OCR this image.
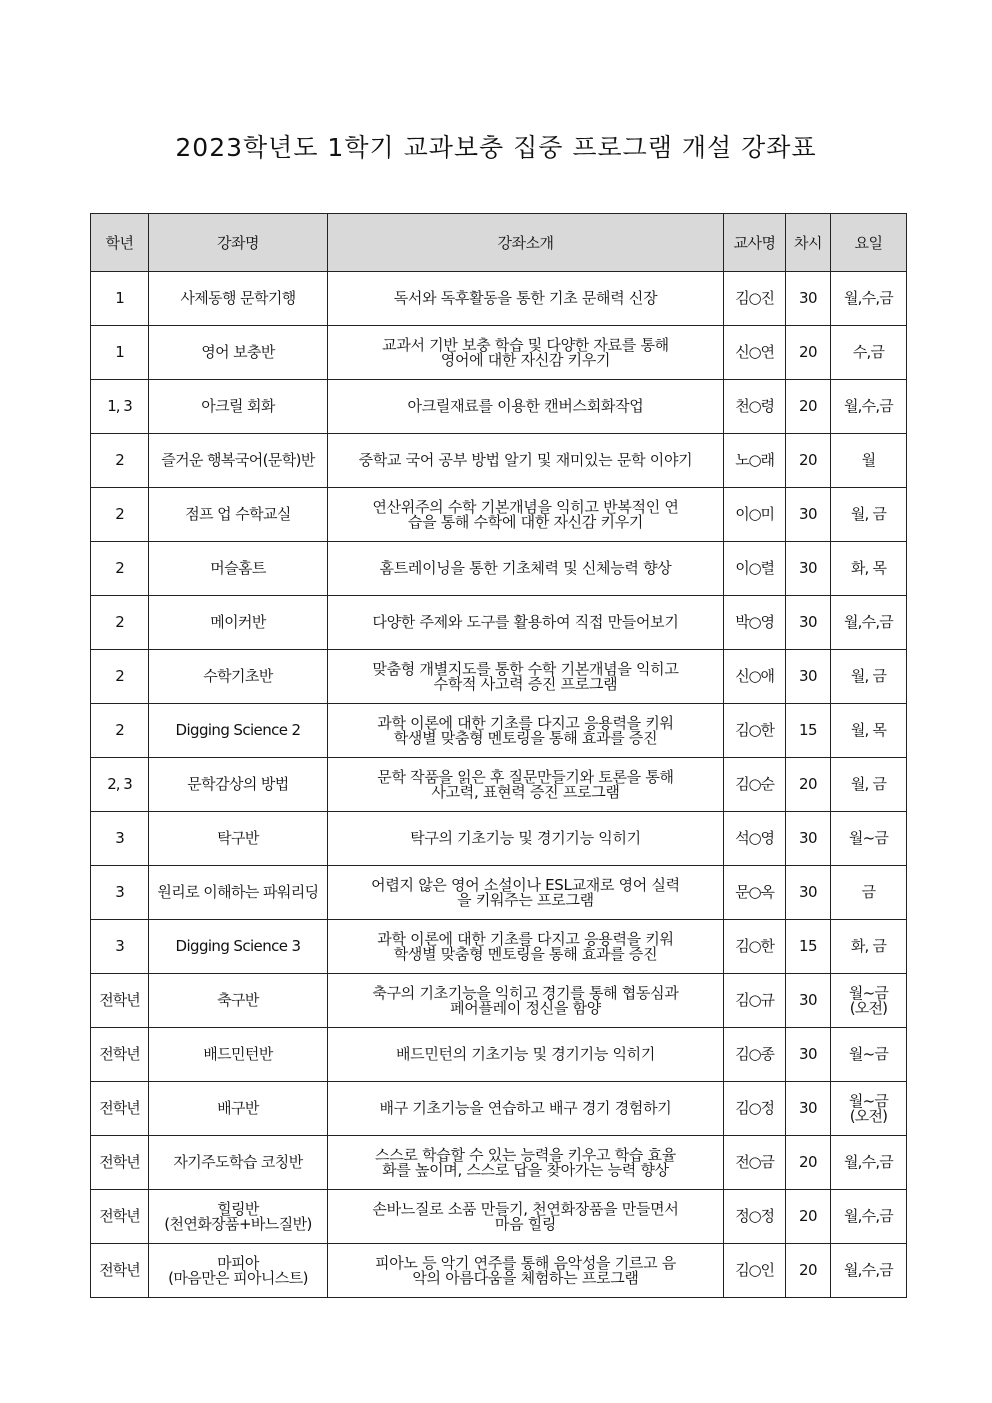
2023학년도 1학기 교과보충 집중 프로그램 개설 강좌표
학년	강좌명	강좌소개	교사명	차시	요일

1	사제동행 문학기행	독서와 독후활동을 통한 기초 문해력 신장	김○진	30	월,수,금

1	영어 보충반	교과서 기반 보충 학습 및 다양한 자료를 통해
영어에 대한 자신감 키우기	신○연	20	수,금

1, 3	아크릴 회화	아크릴재료를 이용한 캔버스회화작업	천○령	20	월,수,금

2	즐거운 행복국어(문학)반	중학교 국어 공부 방법 알기 및 재미있는 문학 이야기	노○래	20	월

2	점프 업 수학교실	연산위주의 수학 기본개념을 익히고 반복적인 연
습을 통해 수학에 대한 자신감 키우기	이○미	30	월, 금

2	머슬홈트	홈트레이닝을 통한 기초체력 및 신체능력 향상	이○렬	30	화, 목

2	메이커반	다양한 주제와 도구를 활용하여 직접 만들어보기	박○영	30	월,수,금

2	수학기초반	맞춤형 개별지도를 통한 수학 기본개념을 익히고
수학적 사고력 증진 프로그램	신○애	30	월, 금

2	Digging Science 2	과학 이론에 대한 기초를 다지고 응용력을 키워
학생별 맞춤형 멘토링을 통해 효과를 증진	김○한	15	월, 목

2, 3	문학감상의 방법	문학 작품을 읽은 후 질문만들기와 토론을 통해
사고력, 표현력 증진 프로그램	김○순	20	월, 금

3	탁구반	탁구의 기초기능 및 경기기능 익히기	석○영	30	월~금

3	원리로 이해하는 파워리딩	어렵지 않은 영어 소설이나 ESL교재로 영어 실력
을 키워주는 프로그램	문○옥	30	금

3	Digging Science 3	과학 이론에 대한 기초를 다지고 응용력을 키워
학생별 맞춤형 멘토링을 통해 효과를 증진	김○한	15	화, 금

전학년	축구반	축구의 기초기능을 익히고 경기를 통해 협동심과
페어플레이 정신을 함양	김○규	30	월~금
(오전)

전학년	배드민턴반	배드민턴의 기초기능 및 경기기능 익히기	김○종	30	월~금

전학년	배구반	배구 기초기능을 연습하고 배구 경기 경험하기	김○정	30	월~금
(오전)

전학년	자기주도학습 코칭반	스스로 학습할 수 있는 능력을 키우고 학습 효율
화를 높이며, 스스로 답을 찾아가는 능력 향상	전○금	20	월,수,금

전학년	힐링반
(천연화장품+바느질반)	손바느질로 소품 만들기, 천연화장품을 만들면서
마음 힐링	정○정	20	월,수,금

전학년	마피아
(마음만은 피아니스트)	피아노 등 악기 연주를 통해 음악성을 기르고 음
악의 아름다움을 체험하는 프로그램	김○인	20	월,수,금
